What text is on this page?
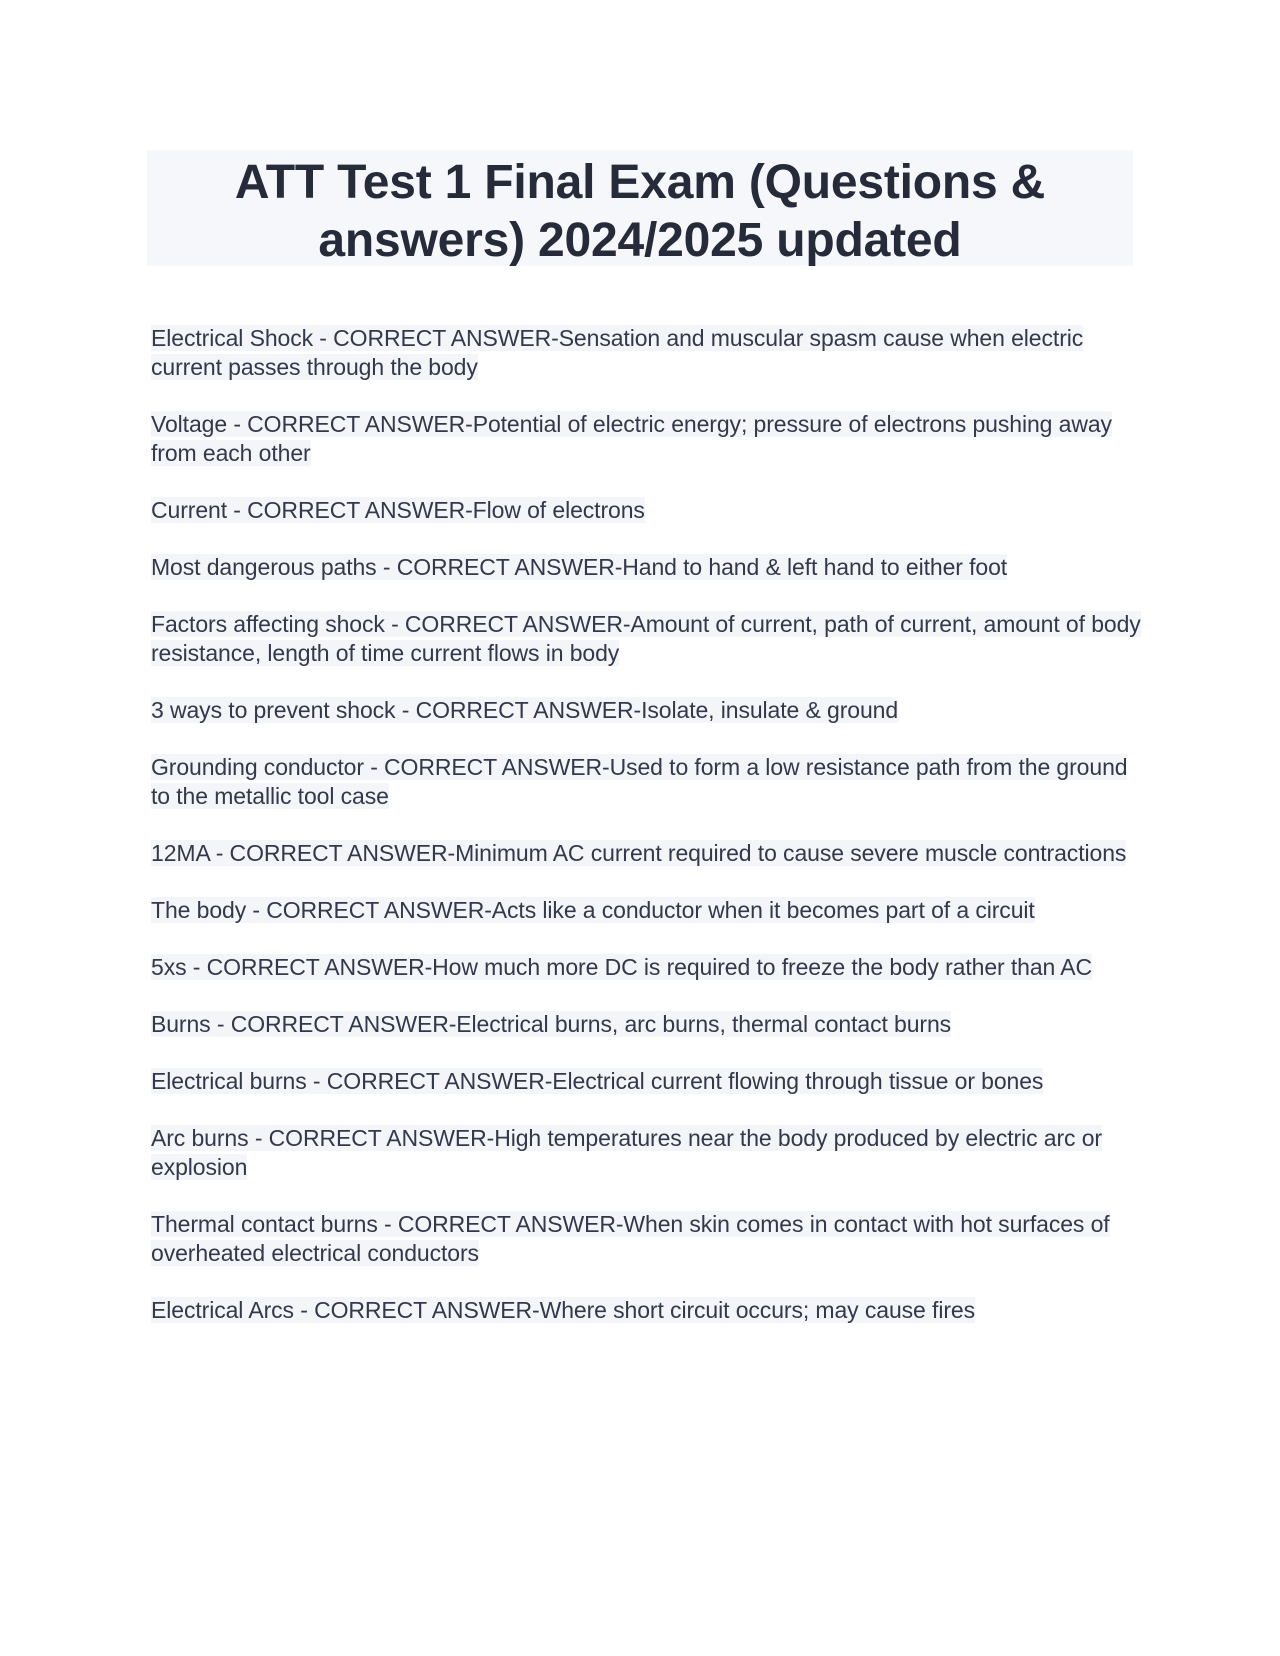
ATT Test 1 Final Exam (Questions & answers) 2024/2025 updated

Electrical Shock - CORRECT ANSWER-Sensation and muscular spasm cause when electric current passes through the body

Voltage - CORRECT ANSWER-Potential of electric energy; pressure of electrons pushing away from each other

Current - CORRECT ANSWER-Flow of electrons

Most dangerous paths - CORRECT ANSWER-Hand to hand & left hand to either foot

Factors affecting shock - CORRECT ANSWER-Amount of current, path of current, amount of body resistance, length of time current flows in body

3 ways to prevent shock - CORRECT ANSWER-Isolate, insulate & ground

Grounding conductor - CORRECT ANSWER-Used to form a low resistance path from the ground to the metallic tool case

12MA - CORRECT ANSWER-Minimum AC current required to cause severe muscle contractions

The body - CORRECT ANSWER-Acts like a conductor when it becomes part of a circuit

5xs - CORRECT ANSWER-How much more DC is required to freeze the body rather than AC

Burns - CORRECT ANSWER-Electrical burns, arc burns, thermal contact burns

Electrical burns - CORRECT ANSWER-Electrical current flowing through tissue or bones

Arc burns - CORRECT ANSWER-High temperatures near the body produced by electric arc or explosion

Thermal contact burns - CORRECT ANSWER-When skin comes in contact with hot surfaces of overheated electrical conductors

Electrical Arcs - CORRECT ANSWER-Where short circuit occurs; may cause fires
